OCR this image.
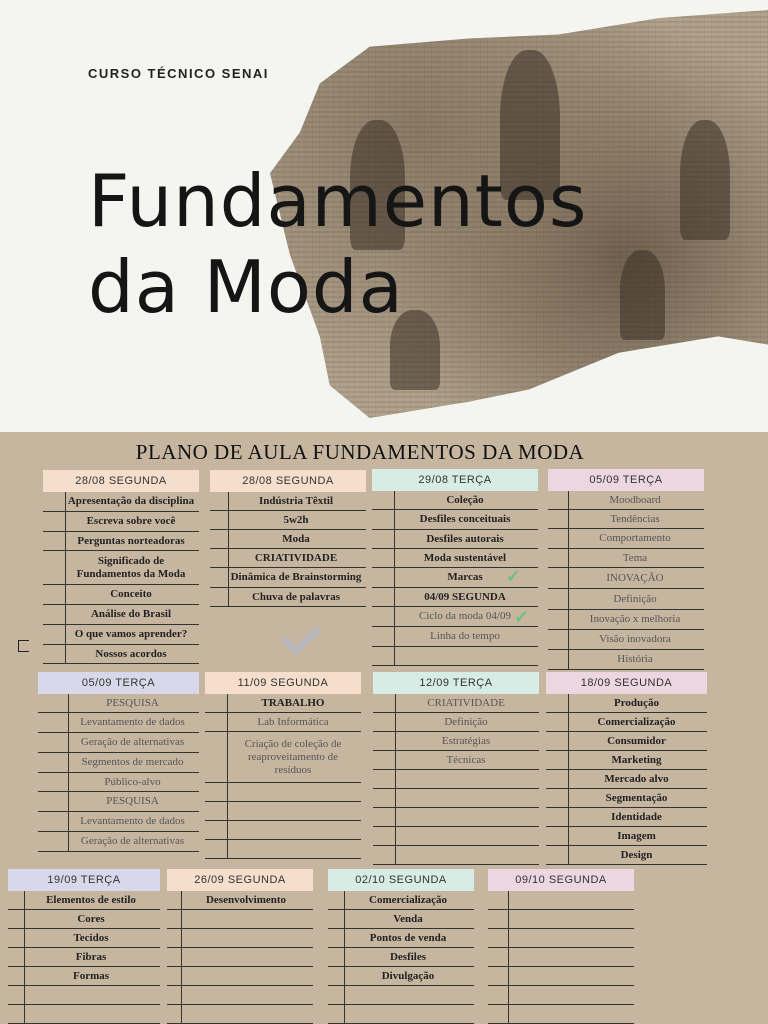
CURSO TÉCNICO SENAI
Fundamentos
da Moda
PLANO DE AULA FUNDAMENTOS DA MODA
28/08 SEGUNDA
Apresentação da disciplina
Escreva sobre você
Perguntas norteadoras
Significado de Fundamentos da Moda
Conceito
Análise do Brasil
O que vamos aprender?
Nossos acordos
28/08 SEGUNDA
Indústria Têxtil
5w2h
Moda
CRIATIVIDADE
Dinâmica de Brainstorming
Chuva de palavras
29/08 TERÇA
Coleção
Desfiles conceituais
Desfiles autorais
Moda sustentável
Marcas
04/09 SEGUNDA
Ciclo da moda 04/09
Linha do tempo
05/09 TERÇA
Moodboard
Tendências
Comportamento
Tema
INOVAÇÃO
Definição
Inovação x melhoria
Visão inovadora
História
05/09 TERÇA
PESQUISA
Levantamento de dados
Geração de alternativas
Segmentos de mercado
Público-alvo
PESQUISA
Levantamento de dados
Geração de alternativas
11/09 SEGUNDA
TRABALHO
Lab Informática
Criação de coleção de reaproveitamento de resíduos
12/09 TERÇA
CRIATIVIDADE
Definição
Estratégias
Técnicas
18/09 SEGUNDA
Produção
Comercialização
Consumidor
Marketing
Mercado alvo
Segmentação
Identidade
Imagem
Design
19/09 TERÇA
Elementos de estilo
Cores
Tecidos
Fibras
Formas
26/09 SEGUNDA
Desenvolvimento
02/10 SEGUNDA
Comercialização
Venda
Pontos de venda
Desfiles
Divulgação
09/10 SEGUNDA
✓
✓
